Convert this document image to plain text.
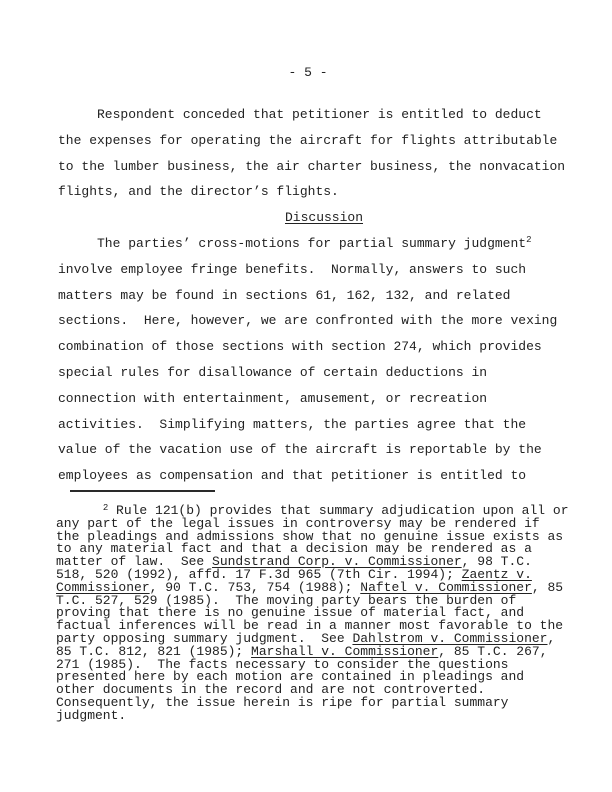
- 5 -
Respondent conceded that petitioner is entitled to deduct
the expenses for operating the aircraft for flights attributable
to the lumber business, the air charter business, the nonvacation
flights, and the director’s flights.
Discussion
The parties’ cross-motions for partial summary judgment$^2$
involve employee fringe benefits.  Normally, answers to such
matters may be found in sections 61, 162, 132, and related
sections.  Here, however, we are confronted with the more vexing
combination of those sections with section 274, which provides
special rules for disallowance of certain deductions in
connection with entertainment, amusement, or recreation
activities.  Simplifying matters, the parties agree that the
value of the vacation use of the aircraft is reportable by the
employees as compensation and that petitioner is entitled to
$^2$ Rule 121(b) provides that summary adjudication upon all or
any part of the legal issues in controversy may be rendered if
the pleadings and admissions show that no genuine issue exists as
to any material fact and that a decision may be rendered as a
matter of law.  See Sundstrand Corp. v. Commissioner, 98 T.C.
518, 520 (1992), affd. 17 F.3d 965 (7th Cir. 1994); Zaentz v.
Commissioner, 90 T.C. 753, 754 (1988); Naftel v. Commissioner, 85
T.C. 527, 529 (1985).  The moving party bears the burden of
proving that there is no genuine issue of material fact, and
factual inferences will be read in a manner most favorable to the
party opposing summary judgment.  See Dahlstrom v. Commissioner,
85 T.C. 812, 821 (1985); Marshall v. Commissioner, 85 T.C. 267,
271 (1985).  The facts necessary to consider the questions
presented here by each motion are contained in pleadings and
other documents in the record and are not controverted.
Consequently, the issue herein is ripe for partial summary
judgment.
